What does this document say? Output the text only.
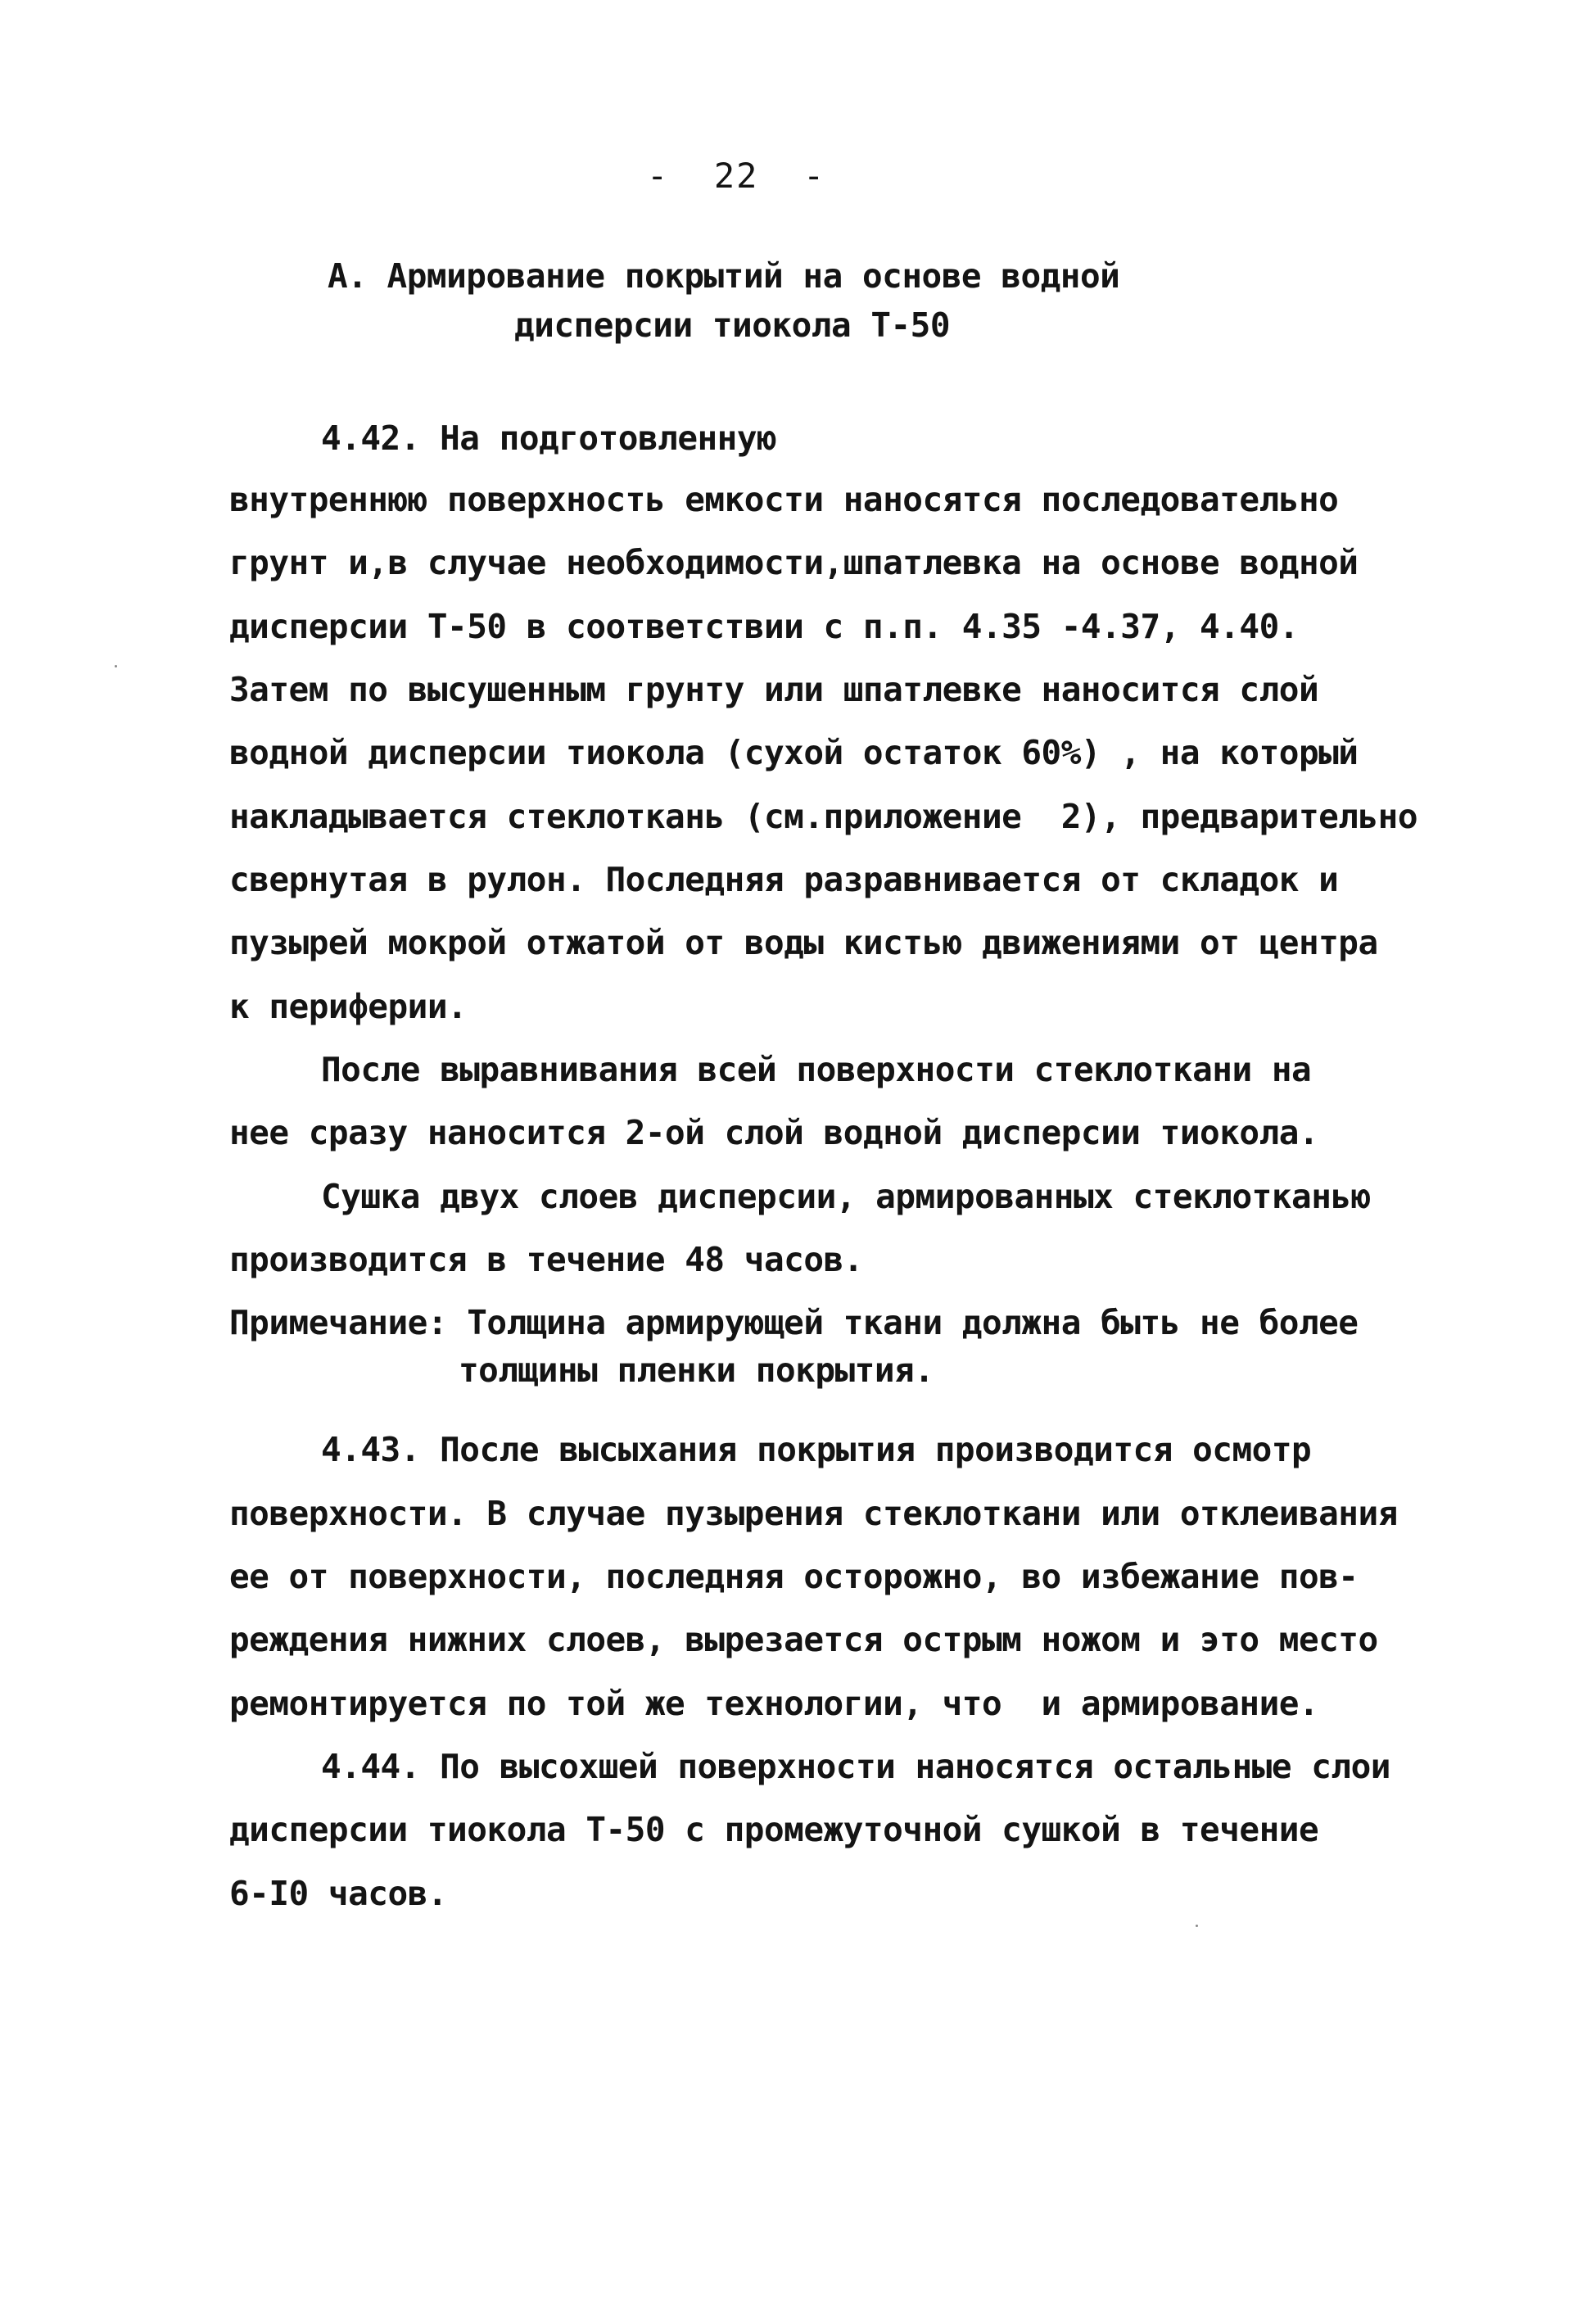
-  22  -
А. Армирование покрытий на основе водной
дисперсии тиокола Т-50
4.42. На подготовленную
внутреннюю поверхность емкости наносятся последовательно
грунт и,в случае необходимости,шпатлевка на основе водной
дисперсии Т-50 в соответствии с п.п. 4.35 -4.37, 4.40.
Затем по высушенным грунту или шпатлевке наносится слой
водной дисперсии тиокола (сухой остаток 60%) , на который
накладывается стеклоткань (см.приложение  2), предварительно
свернутая в рулон. Последняя разравнивается от складок и
пузырей мокрой отжатой от воды кистью движениями от центра
к периферии.
После выравнивания всей поверхности стеклоткани на
нее сразу наносится 2-ой слой водной дисперсии тиокола.
Сушка двух слоев дисперсии, армированных стеклотканью
производится в течение 48 часов.
Примечание: Толщина армирующей ткани должна быть не более
толщины пленки покрытия.
4.43. После высыхания покрытия производится осмотр
поверхности. В случае пузырения стеклоткани или отклеивания
ее от поверхности, последняя осторожно, во избежание пов-
реждения нижних слоев, вырезается острым ножом и это место
ремонтируется по той же технологии, что  и армирование.
4.44. По высохшей поверхности наносятся остальные слои
дисперсии тиокола Т-50 с промежуточной сушкой в течение
6-I0 часов.
